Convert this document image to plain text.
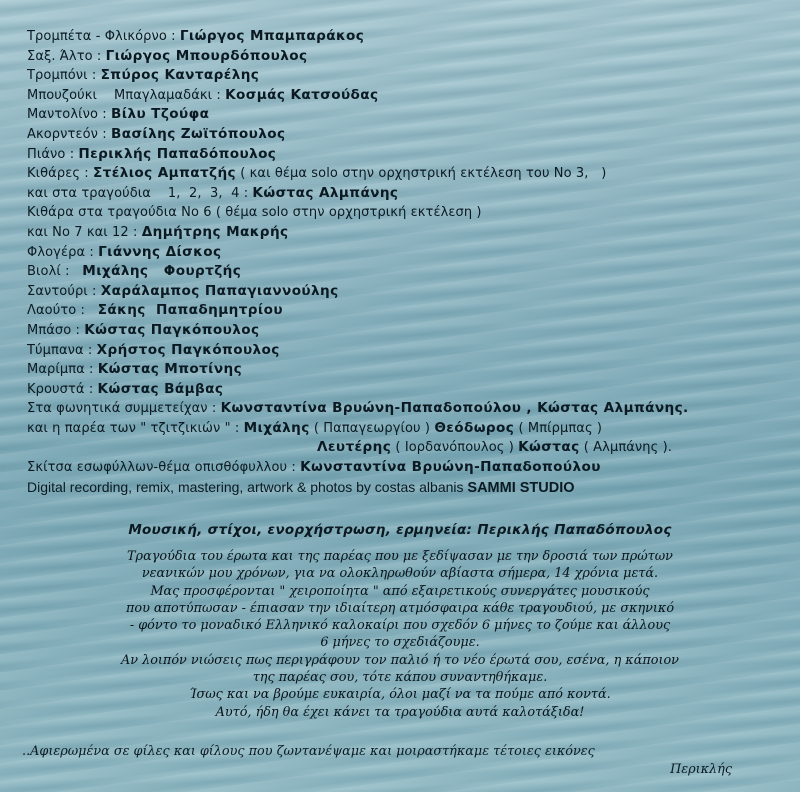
Τρομπέτα - Φλικόρνο : Γιώργος Μπαμπαράκος
Σαξ. Άλτο : Γιώργος Μπουρδόπουλος
Τρομπόνι : Σπύρος Κανταρέλης
Μπουζούκι    Μπαγλαμαδάκι : Κοσμάς Κατσούδας
Μαντολίνο : Βίλυ Τζούφα
Ακορντεόν : Βασίλης Ζωϊτόπουλος
Πιάνο : Περικλής Παπαδόπουλος
Κιθάρες : Στέλιος Αμπατζής ( και θέμα solo στην ορχηστρική εκτέλεση του Νο 3,   )
και στα τραγούδια    1,  2,  3,  4 : Κώστας Αλμπάνης
Κιθάρα στα τραγούδια Νο 6 ( θέμα solo στην ορχηστρική εκτέλεση )
και Νο 7 και 12 : Δημήτρης Μακρής
Φλογέρα : Γιάννης Δίσκος
Βιολί :   Μιχάλης   Φουρτζής
Σαντούρι : Χαράλαμπος Παπαγιαννούλης
Λαούτο :   Σάκης  Παπαδημητρίου
Μπάσο : Κώστας Παγκόπουλος
Τύμπανα : Χρήστος Παγκόπουλος
Μαρίμπα : Κώστας Μποτίνης
Κρουστά : Κώστας Βάμβας
Στα φωνητικά συμμετείχαν : Κωνσταντίνα Βρυώνη-Παπαδοπούλου , Κώστας Αλμπάνης.
και η παρέα των " τζιτζικιών " : Μιχάλης ( Παπαγεωργίου ) Θεόδωρος ( Μπίρμπας )
Λευτέρης ( Ιορδανόπουλος ) Κώστας ( Αλμπάνης ).
Σκίτσα εσωφύλλων-θέμα οπισθόφυλλου : Κωνσταντίνα Βρυώνη-Παπαδοπούλου
Digital recording, remix, mastering, artwork & photos by costas albanis SAMMI STUDIO
Μουσική, στίχοι, ενορχήστρωση, ερμηνεία: Περικλής Παπαδόπουλος
Τραγούδια του έρωτα και της παρέας που με ξεδίψασαν με την δροσιά των πρώτων
νεανικών μου χρόνων, για να ολοκληρωθούν αβίαστα σήμερα, 14 χρόνια μετά.
Μας προσφέρονται " χειροποίητα " από εξαιρετικούς συνεργάτες μουσικούς
που αποτύπωσαν - έπιασαν την ιδιαίτερη ατμόσφαιρα κάθε τραγουδιού, με σκηνικό
- φόντο το μοναδικό Ελληνικό καλοκαίρι που σχεδόν 6 μήνες το ζούμε και άλλους
6 μήνες το σχεδιάζουμε.
Αν λοιπόν νιώσεις πως περιγράφουν τον παλιό ή το νέο έρωτά σου, εσένα, η κάποιον
της παρέας σου, τότε κάπου συναντηθήκαμε.
Ίσως και να βρούμε ευκαιρία, όλοι μαζί να τα πούμε από κοντά.
Αυτό, ήδη θα έχει κάνει τα τραγούδια αυτά καλοτάξιδα!
..Αφιερωμένα σε φίλες και φίλους που ζωντανέψαμε και μοιραστήκαμε τέτοιες εικόνες
Περικλής
